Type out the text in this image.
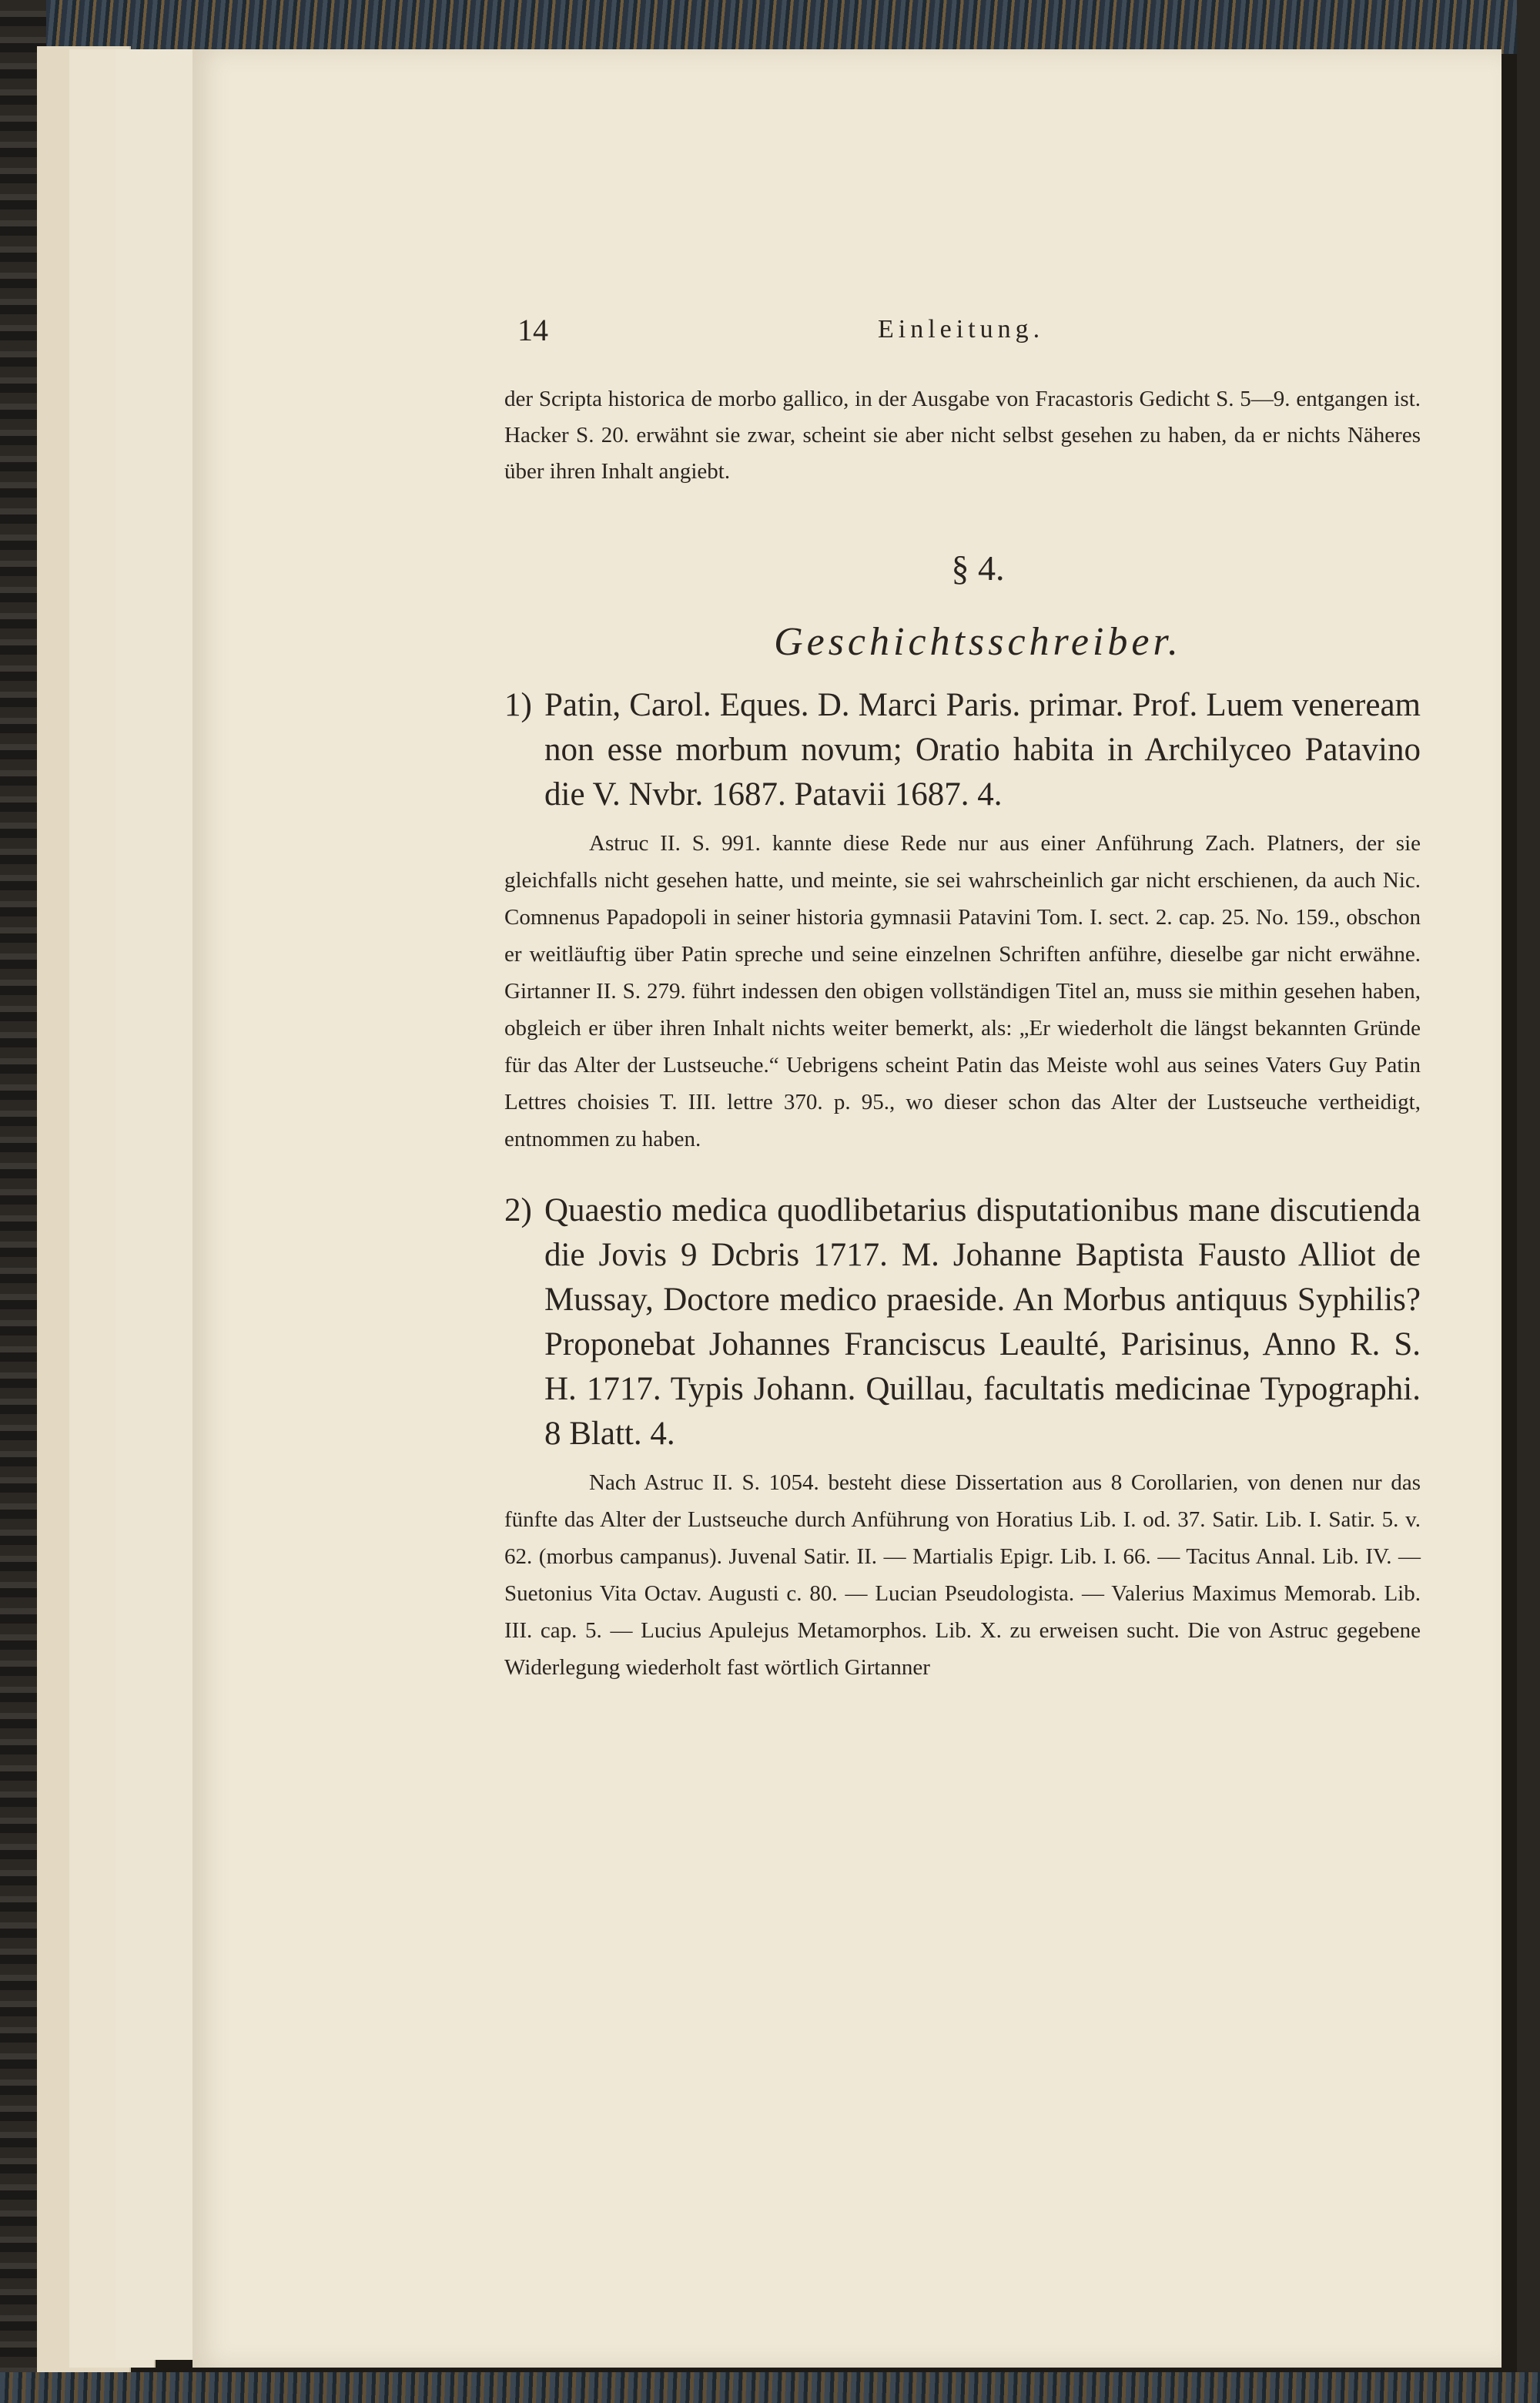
14	Einleitung.
der Scripta historica de morbo gallico, in der Ausgabe von Fracastoris Gedicht S. 5—9. entgangen ist. Hacker S. 20. erwähnt sie zwar, scheint sie aber nicht selbst gesehen zu haben, da er nichts Näheres über ihren Inhalt angiebt.
§ 4.
Geschichtsschreiber.
1) Patin, Carol. Eques. D. Marci Paris. primar. Prof. Luem veneream non esse morbum novum; Oratio habita in Archilyceo Patavino die V. Nvbr. 1687. Patavii 1687. 4.

Astruc II. S. 991. kannte diese Rede nur aus einer Anführung Zach. Platners, der sie gleichfalls nicht gesehen hatte, und meinte, sie sei wahrscheinlich gar nicht erschienen, da auch Nic. Comnenus Papadopoli in seiner historia gymnasii Patavini Tom. I. sect. 2. cap. 25. No. 159., obschon er weitläuftig über Patin spreche und seine einzelnen Schriften anführe, dieselbe gar nicht erwähne. Girtanner II. S. 279. führt indessen den obigen vollständigen Titel an, muss sie mithin gesehen haben, obgleich er über ihren Inhalt nichts weiter bemerkt, als: „Er wiederholt die längst bekannten Gründe für das Alter der Lustseuche.“ Uebrigens scheint Patin das Meiste wohl aus seines Vaters Guy Patin Lettres choisies T. III. lettre 370. p. 95., wo dieser schon das Alter der Lustseuche vertheidigt, entnommen zu haben.

2) Quaestio medica quodlibetarius disputationibus mane discutienda die Jovis 9 Dcbris 1717. M. Johanne Baptista Fausto Alliot de Mussay, Doctore medico praeside. An Morbus antiquus Syphilis? Proponebat Johannes Franciscus Leaulté, Parisinus, Anno R. S. H. 1717. Typis Johann. Quillau, facultatis medicinae Typographi. 8 Blatt. 4.

Nach Astruc II. S. 1054. besteht diese Dissertation aus 8 Corollarien, von denen nur das fünfte das Alter der Lustseuche durch Anführung von Horatius Lib. I. od. 37. Satir. Lib. I. Satir. 5. v. 62. (morbus campanus). Juvenal Satir. II. — Martialis Epigr. Lib. I. 66. — Tacitus Annal. Lib. IV. — Suetonius Vita Octav. Augusti c. 80. — Lucian Pseudologista. — Valerius Maximus Memorab. Lib. III. cap. 5. — Lucius Apulejus Metamorphos. Lib. X. zu erweisen sucht. Die von Astruc gegebene Widerlegung wiederholt fast wörtlich Girtanner
